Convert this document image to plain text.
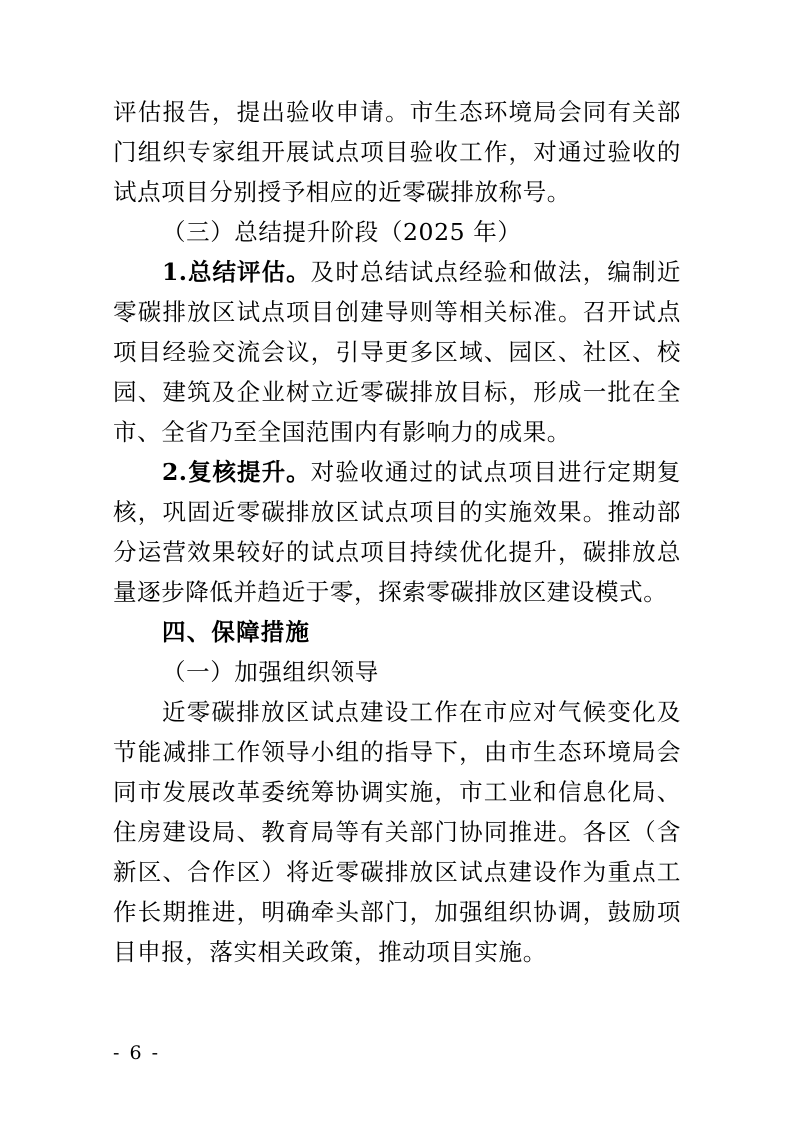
评估报告，提出验收申请。市生态环境局会同有关部门组织专家组开展试点项目验收工作，对通过验收的试点项目分别授予相应的近零碳排放称号。

（三）总结提升阶段（2025 年）

1.总结评估。及时总结试点经验和做法，编制近零碳排放区试点项目创建导则等相关标准。召开试点项目经验交流会议，引导更多区域、园区、社区、校园、建筑及企业树立近零碳排放目标，形成一批在全市、全省乃至全国范围内有影响力的成果。

2.复核提升。对验收通过的试点项目进行定期复核，巩固近零碳排放区试点项目的实施效果。推动部分运营效果较好的试点项目持续优化提升，碳排放总量逐步降低并趋近于零，探索零碳排放区建设模式。

四、保障措施

（一）加强组织领导

近零碳排放区试点建设工作在市应对气候变化及节能减排工作领导小组的指导下，由市生态环境局会同市发展改革委统筹协调实施，市工业和信息化局、住房建设局、教育局等有关部门协同推进。各区（含新区、合作区）将近零碳排放区试点建设作为重点工作长期推进，明确牵头部门，加强组织协调，鼓励项目申报，落实相关政策，推动项目实施。

- 6 -
